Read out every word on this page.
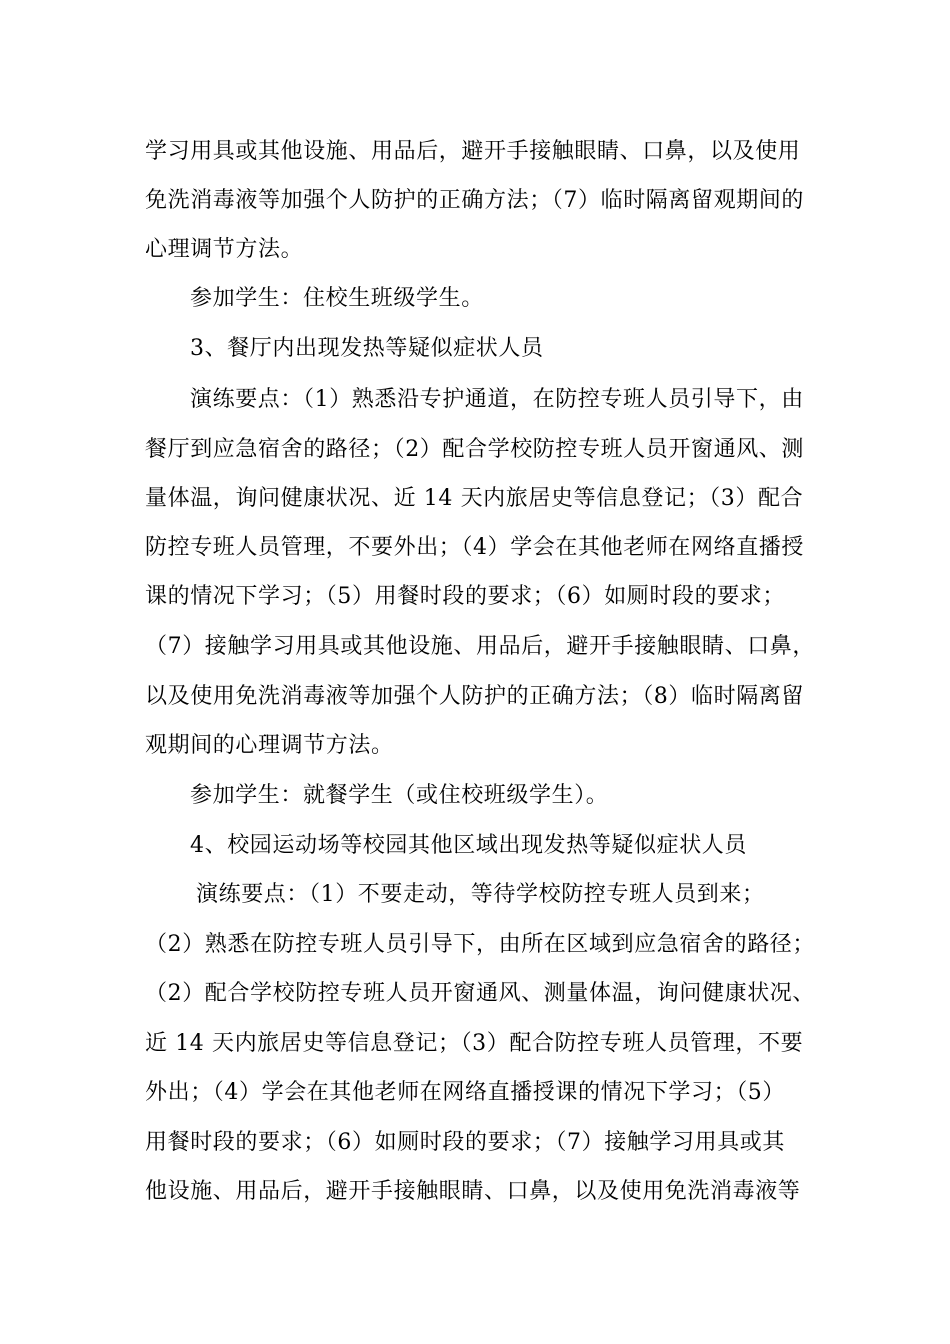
学习用具或其他设施、用品后，避开手接触眼睛、口鼻，以及使用
免洗消毒液等加强个人防护的正确方法；（7）临时隔离留观期间的
心理调节方法。
参加学生：住校生班级学生。
3、餐厅内出现发热等疑似症状人员
演练要点：（1）熟悉沿专护通道，在防控专班人员引导下，由
餐厅到应急宿舍的路径；（2）配合学校防控专班人员开窗通风、测
量体温，询问健康状况、近 14 天内旅居史等信息登记；（3）配合
防控专班人员管理，不要外出；（4）学会在其他老师在网络直播授
课的情况下学习；（5）用餐时段的要求；（6）如厕时段的要求；
（7）接触学习用具或其他设施、用品后，避开手接触眼睛、口鼻，
以及使用免洗消毒液等加强个人防护的正确方法；（8）临时隔离留
观期间的心理调节方法。
参加学生：就餐学生（或住校班级学生）。
4、校园运动场等校园其他区域出现发热等疑似症状人员
演练要点：（1）不要走动，等待学校防控专班人员到来；
（2）熟悉在防控专班人员引导下，由所在区域到应急宿舍的路径；
（2）配合学校防控专班人员开窗通风、测量体温，询问健康状况、
近 14 天内旅居史等信息登记；（3）配合防控专班人员管理，不要
外出；（4）学会在其他老师在网络直播授课的情况下学习；（5）
用餐时段的要求；（6）如厕时段的要求；（7）接触学习用具或其
他设施、用品后，避开手接触眼睛、口鼻，以及使用免洗消毒液等
